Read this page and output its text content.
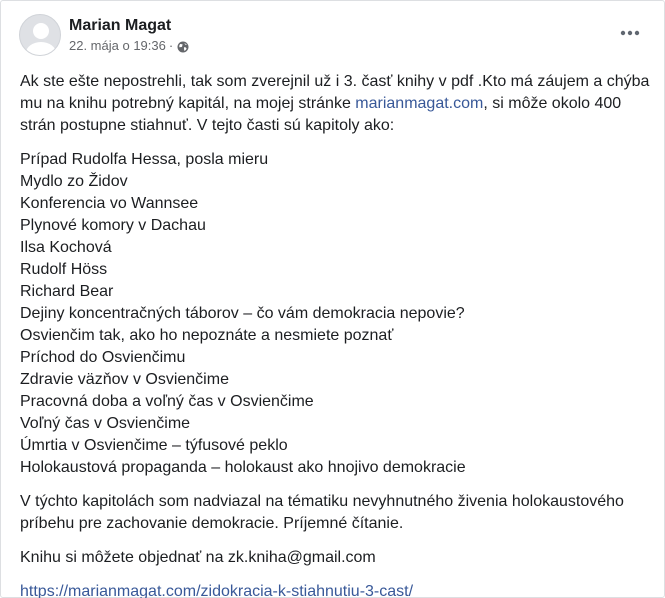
Marian Magat
22. mája o 19:36 ·

Ak ste ešte nepostrehli, tak som zverejnil už i 3. časť knihy v pdf .Kto má záujem a chýba mu na knihu potrebný kapitál, na mojej stránke marianmagat.com, si môže okolo 400 strán postupne stiahnuť. V tejto časti sú kapitoly ako:

Prípad Rudolfa Hessa, posla mieru
Mydlo zo Židov
Konferencia vo Wannsee
Plynové komory v Dachau
Ilsa Kochová
Rudolf Höss
Richard Bear
Dejiny koncentračných táborov – čo vám demokracia nepovie?
Osvienčim tak, ako ho nepoznáte a nesmiete poznať
Príchod do Osvienčimu
Zdravie väzňov v Osvienčime
Pracovná doba a voľný čas v Osvienčime
Voľný čas v Osvienčime
Úmrtia v Osvienčime – týfusové peklo
Holokaustová propaganda – holokaust ako hnojivo demokracie

V týchto kapitolách som nadviazal na tématiku nevyhnutného živenia holokaustového príbehu pre zachovanie demokracie. Príjemné čítanie.

Knihu si môžete objednať na zk.kniha@gmail.com

https://marianmagat.com/zidokracia-k-stiahnutiu-3-cast/
